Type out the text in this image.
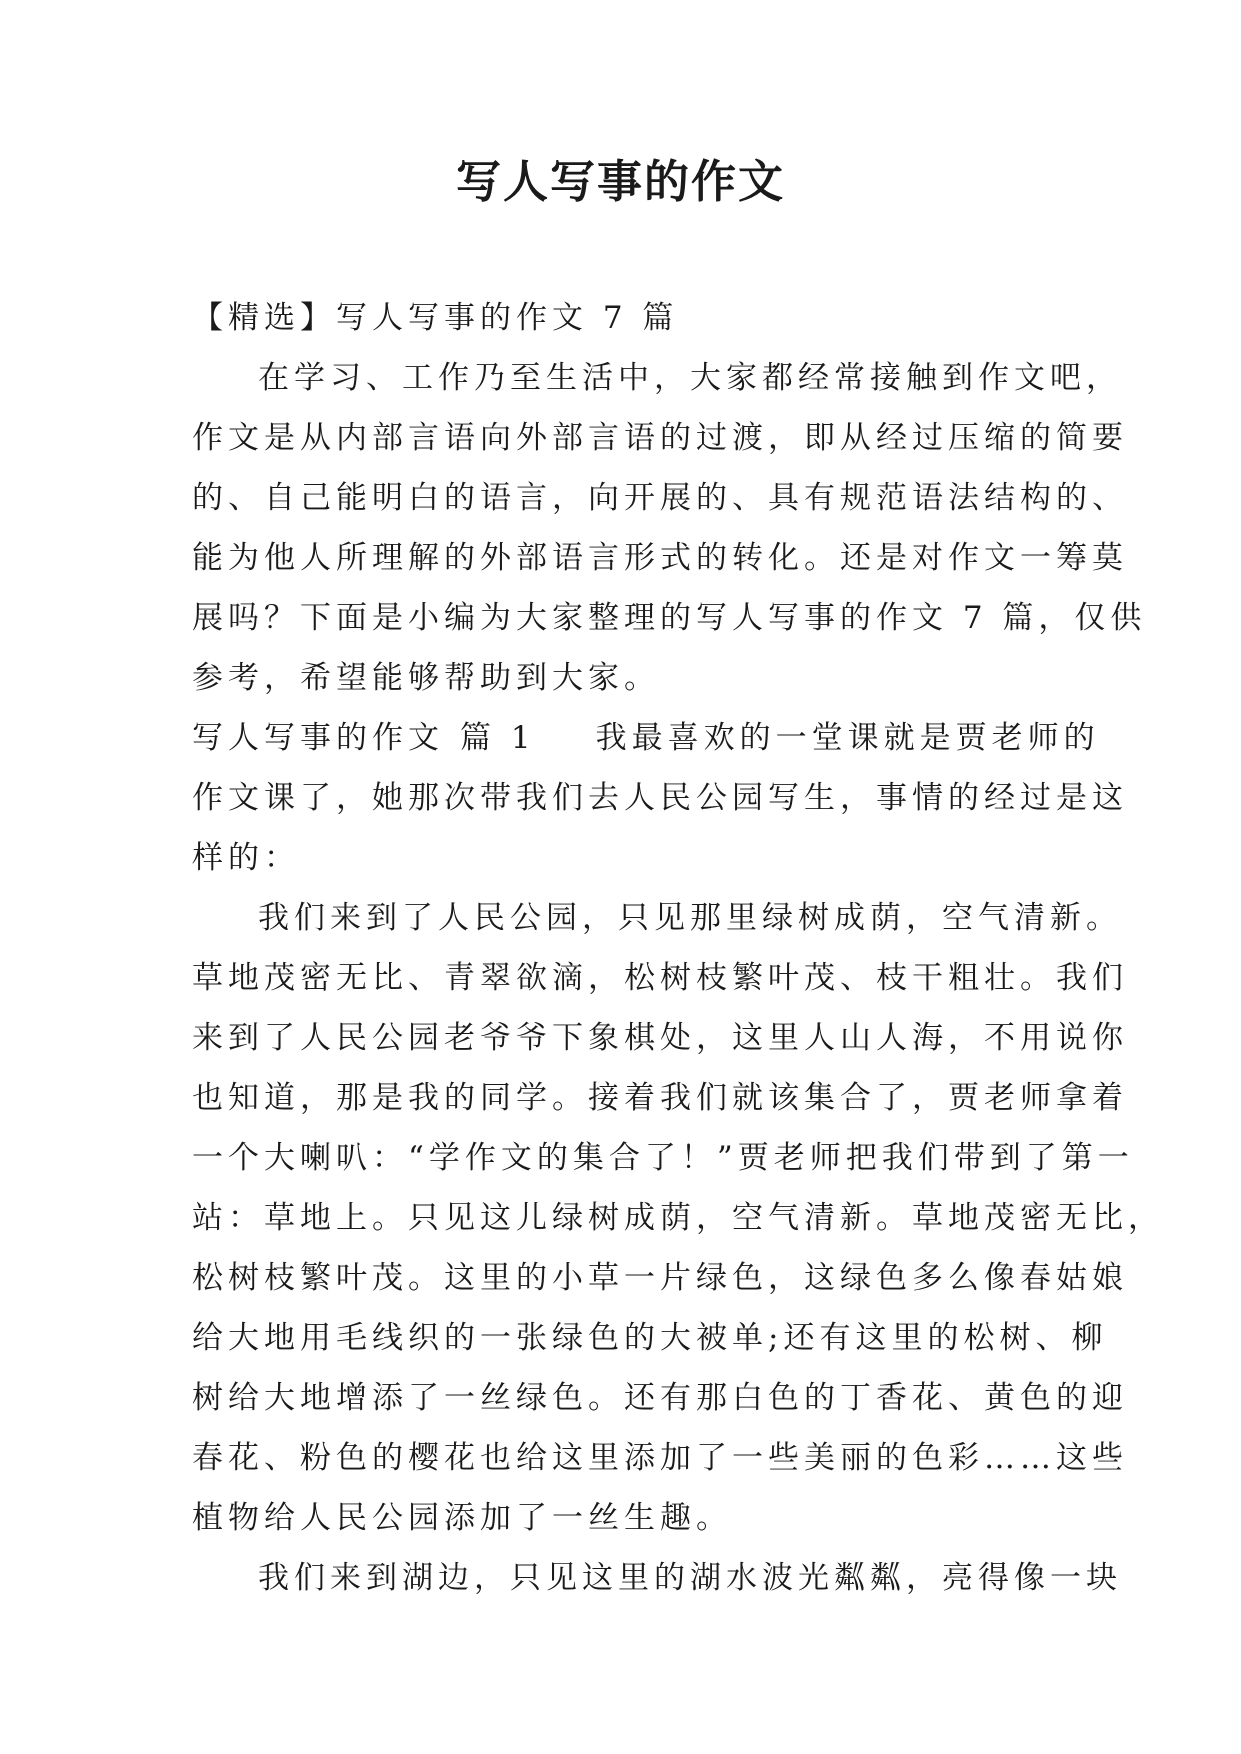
写人写事的作文
【精选】写人写事的作文 7 篇
在学习、工作乃至生活中，大家都经常接触到作文吧，
作文是从内部言语向外部言语的过渡，即从经过压缩的简要
的、自己能明白的语言，向开展的、具有规范语法结构的、
能为他人所理解的外部语言形式的转化。还是对作文一筹莫
展吗？下面是小编为大家整理的写人写事的作文 7 篇，仅供
参考，希望能够帮助到大家。
写人写事的作文 篇 1 我最喜欢的一堂课就是贾老师的
作文课了，她那次带我们去人民公园写生，事情的经过是这
样的：
我们来到了人民公园，只见那里绿树成荫，空气清新。
草地茂密无比、青翠欲滴，松树枝繁叶茂、枝干粗壮。我们
来到了人民公园老爷爷下象棋处，这里人山人海，不用说你
也知道，那是我的同学。接着我们就该集合了，贾老师拿着
一个大喇叭：“学作文的集合了！”贾老师把我们带到了第一
站：草地上。只见这儿绿树成荫，空气清新。草地茂密无比，
松树枝繁叶茂。这里的小草一片绿色，这绿色多么像春姑娘
给大地用毛线织的一张绿色的大被单;还有这里的松树、柳
树给大地增添了一丝绿色。还有那白色的丁香花、黄色的迎
春花、粉色的樱花也给这里添加了一些美丽的色彩……这些
植物给人民公园添加了一丝生趣。
我们来到湖边，只见这里的湖水波光粼粼，亮得像一块
